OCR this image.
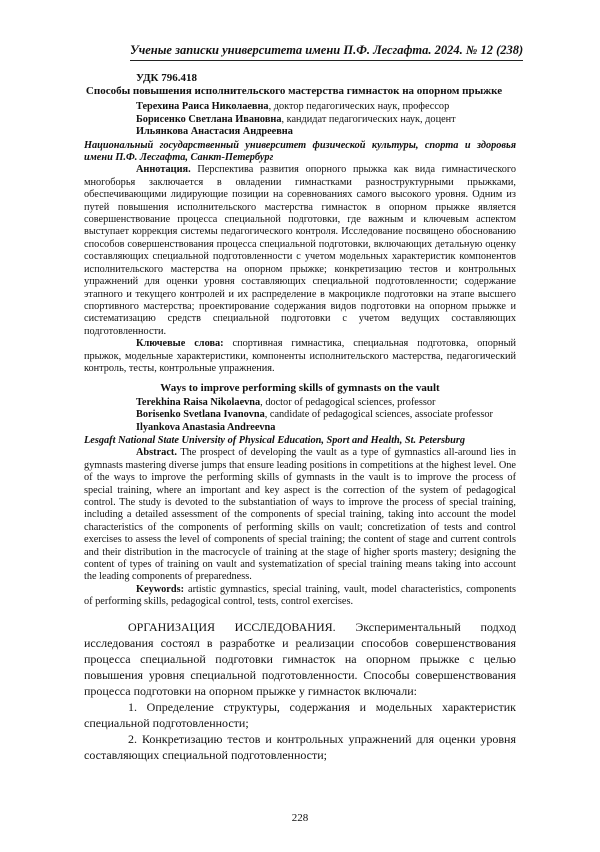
Ученые записки университета имени П.Ф. Лесгафта. 2024. № 12 (238)
УДК 796.418
Способы повышения исполнительского мастерства гимнасток на опорном прыжке
Терехина Раиса Николаевна, доктор педагогических наук, профессор
Борисенко Светлана Ивановна, кандидат педагогических наук, доцент
Ильянкова Анастасия Андреевна
Национальный государственный университет физической культуры, спорта и здоровья имени П.Ф. Лесгафта, Санкт-Петербург

Аннотация. Перспектива развития опорного прыжка как вида гимнастического многоборья заключается в овладении гимнастками разноструктурными прыжками, обеспечивающими лидирующие позиции на соревнованиях самого высокого уровня. Одним из путей повышения исполнительского мастерства гимнасток в опорном прыжке является совершенствование процесса специальной подготовки, где важным и ключевым аспектом выступает коррекция системы педагогического контроля. Исследование посвящено обоснованию способов совершенствования процесса специальной подготовки, включающих детальную оценку составляющих специальной подготовленности с учетом модельных характеристик компонентов исполнительского мастерства на опорном прыжке; конкретизацию тестов и контрольных упражнений для оценки уровня составляющих специальной подготовленности; содержание этапного и текущего контролей и их распределение в макроцикле подготовки на этапе высшего спортивного мастерства; проектирование содержания видов подготовки на опорном прыжке и систематизацию средств специальной подготовки с учетом ведущих составляющих подготовленности.

Ключевые слова: спортивная гимнастика, специальная подготовка, опорный прыжок, модельные характеристики, компоненты исполнительского мастерства, педагогический контроль, тесты, контрольные упражнения.

Ways to improve performing skills of gymnasts on the vault
Terekhina Raisa Nikolaevna, doctor of pedagogical sciences, professor
Borisenko Svetlana Ivanovna, candidate of pedagogical sciences, associate professor
Ilyankova Anastasia Andreevna
Lesgaft National State University of Physical Education, Sport and Health, St. Petersburg

Abstract. The prospect of developing the vault as a type of gymnastics all-around lies in gymnasts mastering diverse jumps that ensure leading positions in competitions at the highest level. One of the ways to improve the performing skills of gymnasts in the vault is to improve the process of special training, where an important and key aspect is the correction of the system of pedagogical control. The study is devoted to the substantiation of ways to improve the process of special training, including a detailed assessment of the components of special training, taking into account the model characteristics of the components of performing skills on vault; concretization of tests and control exercises to assess the level of components of special training; the content of stage and current controls and their distribution in the macrocycle of training at the stage of higher sports mastery; designing the content of types of training on vault and systematization of special training means taking into account the leading components of preparedness.

Keywords: artistic gymnastics, special training, vault, model characteristics, components of performing skills, pedagogical control, tests, control exercises.

ОРГАНИЗАЦИЯ ИССЛЕДОВАНИЯ. Экспериментальный подход исследования состоял в разработке и реализации способов совершенствования процесса специальной подготовки гимнасток на опорном прыжке с целью повышения уровня специальной подготовленности. Способы совершенствования процесса подготовки на опорном прыжке у гимнасток включали:

1. Определение структуры, содержания и модельных характеристик специальной подготовленности;

2. Конкретизацию тестов и контрольных упражнений для оценки уровня составляющих специальной подготовленности;

228
